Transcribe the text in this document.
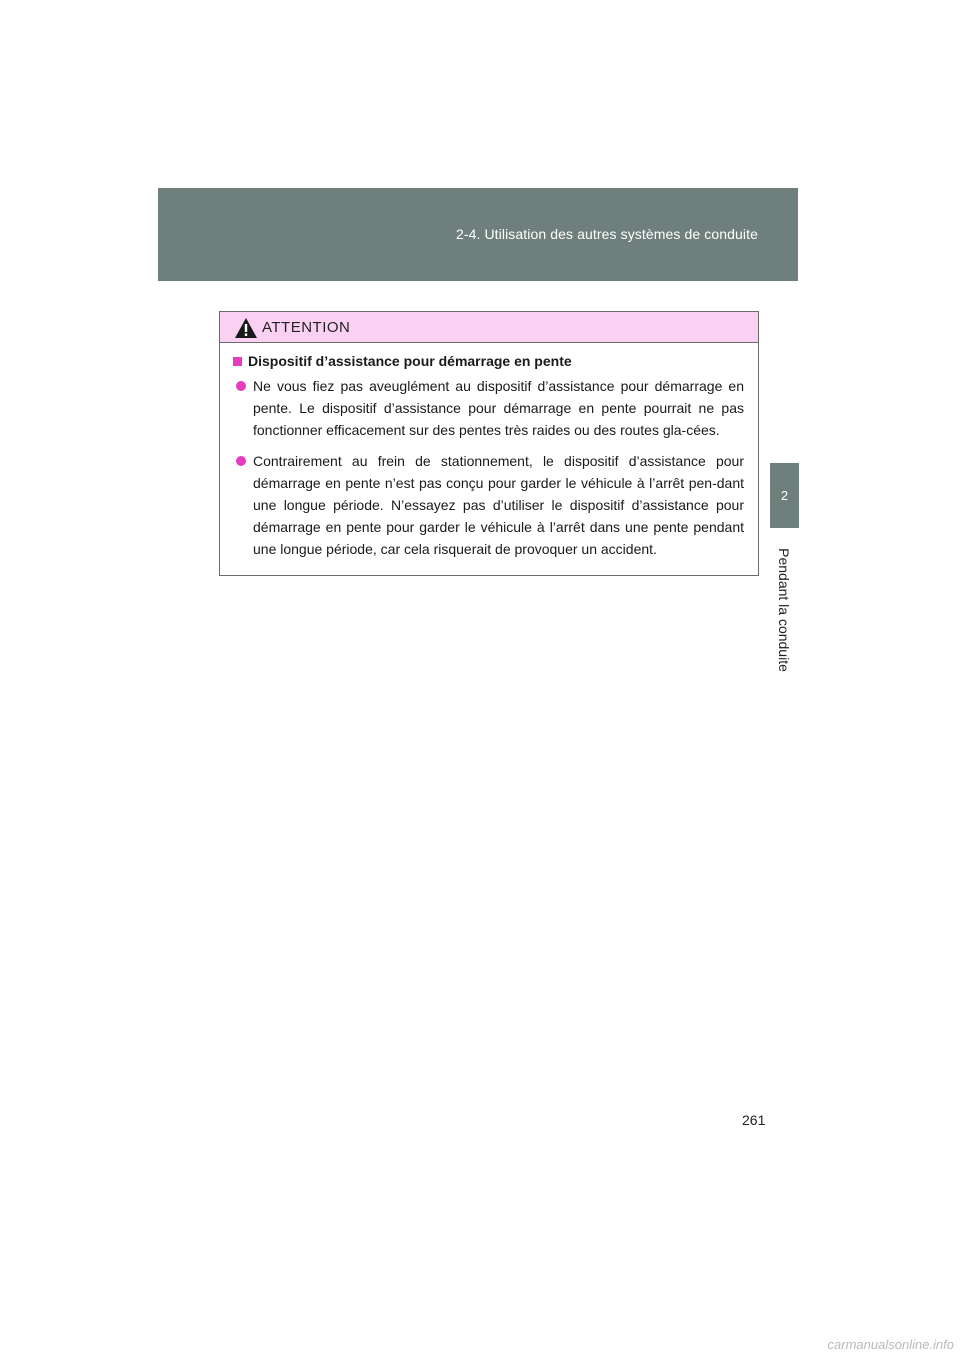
2-4. Utilisation des autres systèmes de conduite
2
Pendant la conduite
ATTENTION
Dispositif d’assistance pour démarrage en pente
Ne vous fiez pas aveuglément au dispositif d’assistance pour démarrage en pente. Le dispositif d’assistance pour démarrage en pente pourrait ne pas fonctionner efficacement sur des pentes très raides ou des routes gla-cées.
Contrairement au frein de stationnement, le dispositif d’assistance pour démarrage en pente n’est pas conçu pour garder le véhicule à l’arrêt pen-dant une longue période. N’essayez pas d’utiliser le dispositif d’assistance pour démarrage en pente pour garder le véhicule à l’arrêt dans une pente pendant une longue période, car cela risquerait de provoquer un accident.
261
carmanualsonline.info
